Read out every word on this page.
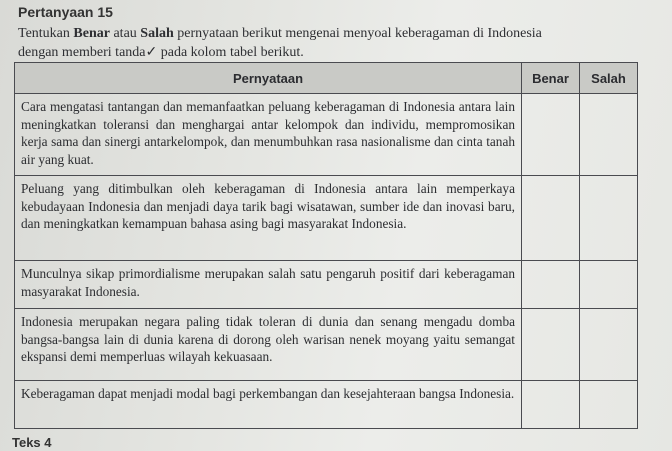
Pertanyaan 15
Tentukan Benar atau Salah pernyataan berikut mengenai menyoal keberagaman di Indonesia
dengan memberi tanda✓ pada kolom tabel berikut.
Pernyataan	Benar	Salah
Cara mengatasi tantangan dan memanfaatkan peluang keberagaman di Indonesia antara lain meningkatkan toleransi dan menghargai antar kelompok dan individu, mempromosikan kerja sama dan sinergi antarkelompok, dan menumbuhkan rasa nasionalisme dan cinta tanah air yang kuat.		
Peluang yang ditimbulkan oleh keberagaman di Indonesia antara lain memperkaya kebudayaan Indonesia dan menjadi daya tarik bagi wisatawan, sumber ide dan inovasi baru, dan meningkatkan kemampuan bahasa asing bagi masyarakat Indonesia.		
Munculnya sikap primordialisme merupakan salah satu pengaruh positif dari keberagaman masyarakat Indonesia.		
Indonesia merupakan negara paling tidak toleran di dunia dan senang mengadu domba bangsa-bangsa lain di dunia karena di dorong oleh warisan nenek moyang yaitu semangat ekspansi demi memperluas wilayah kekuasaan.		
Keberagaman dapat menjadi modal bagi perkembangan dan kesejahteraan bangsa Indonesia.		
Teks 4
